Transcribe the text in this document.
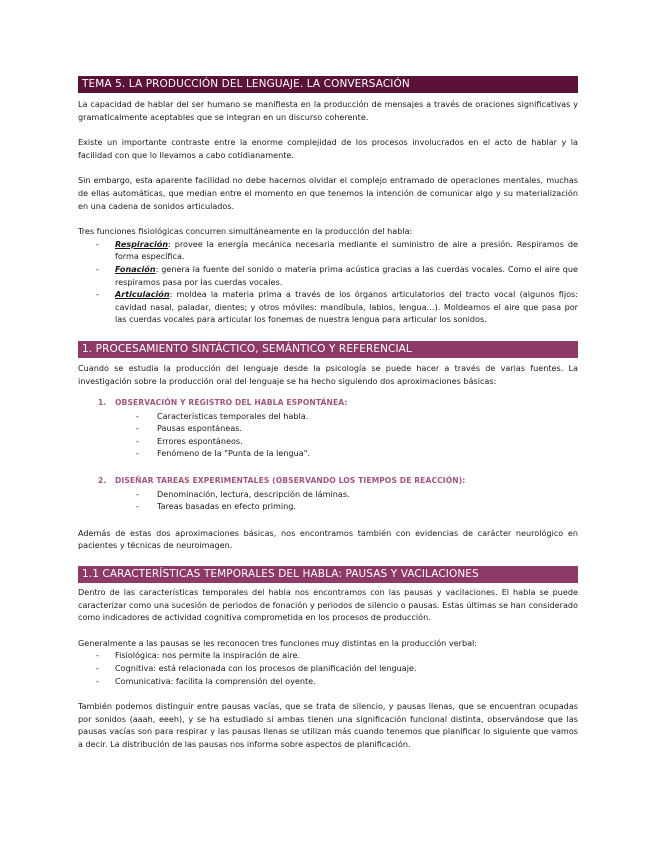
TEMA 5. LA PRODUCCIÓN DEL LENGUAJE. LA CONVERSACIÓN

La capacidad de hablar del ser humano se manifiesta en la producción de mensajes a través de oraciones significativas y gramaticalmente aceptables que se integran en un discurso coherente.

Existe un importante contraste entre la enorme complejidad de los procesos involucrados en el acto de hablar y la facilidad con que lo llevamos a cabo cotidianamente.

Sin embargo, esta aparente facilidad no debe hacernos olvidar el complejo entramado de operaciones mentales, muchas de ellas automáticas, que median entre el momento en que tenemos la intención de comunicar algo y su materialización en una cadena de sonidos articulados.

Tres funciones fisiológicas concurren simultáneamente en la producción del habla:

- Respiración: provee la energía mecánica necesaria mediante el suministro de aire a presión. Respiramos de forma específica.
- Fonación: genera la fuente del sonido o materia prima acústica gracias a las cuerdas vocales. Como el aire que respiramos pasa por las cuerdas vocales.
- Articulación: moldea la materia prima a través de los órganos articulatorios del tracto vocal (algunos fijos: cavidad nasal, paladar, dientes; y otros móviles: mandíbula, labios, lengua…). Moldeamos el aire que pasa por las cuerdas vocales para articular los fonemas de nuestra lengua para articular los sonidos.
1. PROCESAMIENTO SINTÁCTICO, SEMÁNTICO Y REFERENCIAL

Cuando se estudia la producción del lenguaje desde la psicología se puede hacer a través de varias fuentes. La investigación sobre la producción oral del lenguaje se ha hecho siguiendo dos aproximaciones básicas:

1. OBSERVACIÓN Y REGISTRO DEL HABLA ESPONTÁNEA:
- Características temporales del habla.
- Pausas espontáneas.
- Errores espontáneos.
- Fenómeno de la "Punta de la lengua".
2. DISEÑAR TAREAS EXPERIMENTALES (OBSERVANDO LOS TIEMPOS DE REACCIÓN):
- Denominación, lectura, descripción de láminas.
- Tareas basadas en efecto priming.

Además de estas dos aproximaciones básicas, nos encontramos también con evidencias de carácter neurológico en pacientes y técnicas de neuroimagen.

1.1 CARACTERÍSTICAS TEMPORALES DEL HABLA: PAUSAS Y VACILACIONES

Dentro de las características temporales del habla nos encontramos con las pausas y vacilaciones. El habla se puede caracterizar como una sucesión de periodos de fonación y periodos de silencio o pausas. Estas últimas se han considerado como indicadores de actividad cognitiva comprometida en los procesos de producción.

Generalmente a las pausas se les reconocen tres funciones muy distintas en la producción verbal:

- Fisiológica: nos permite la inspiración de aire.
- Cognitiva: está relacionada con los procesos de planificación del lenguaje.
- Comunicativa: facilita la comprensión del oyente.

También podemos distinguir entre pausas vacías, que se trata de silencio, y pausas llenas, que se encuentran ocupadas por sonidos (aaah, eeeh), y se ha estudiado si ambas tienen una significación funcional distinta, observándose que las pausas vacías son para respirar y las pausas llenas se utilizan más cuando tenemos que planificar lo siguiente que vamos a decir. La distribución de las pausas nos informa sobre aspectos de planificación.
